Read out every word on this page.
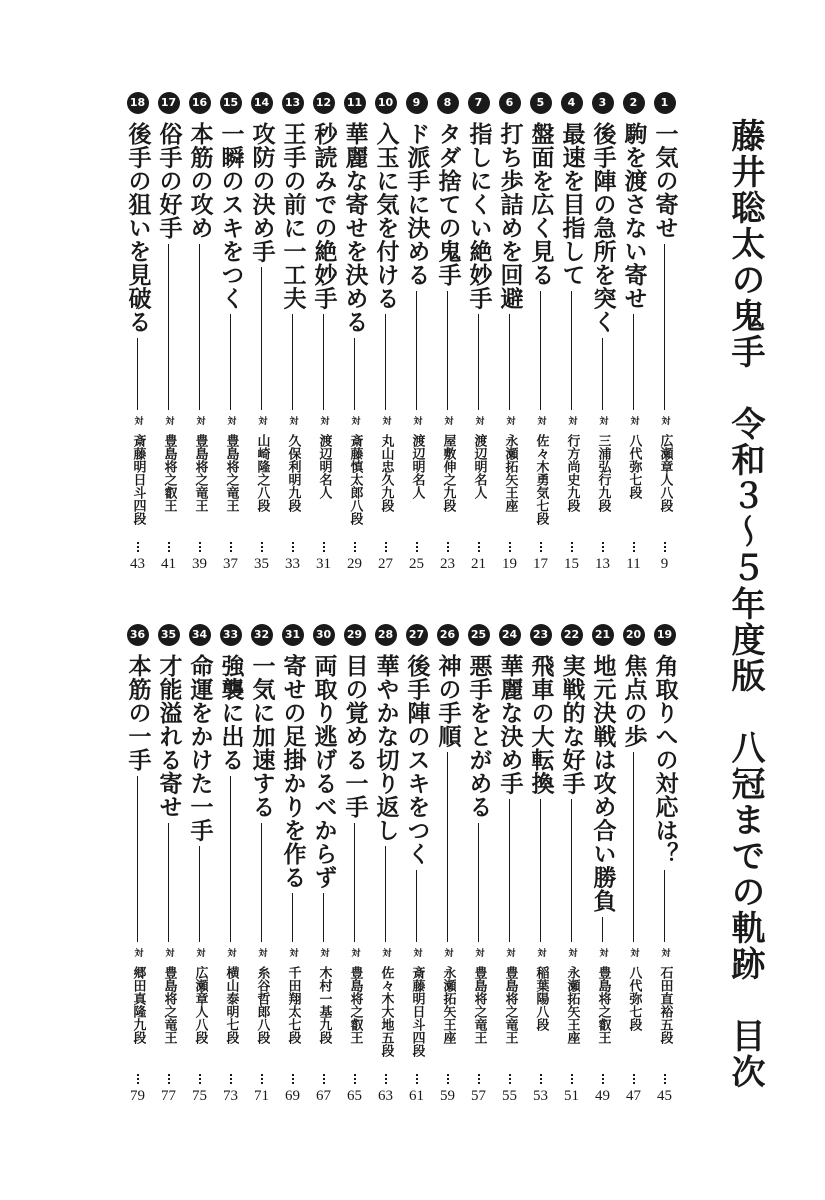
藤井聡太の鬼手　令和３〜５年度版　八冠までの軌跡　目次
1
一気の寄せ
対
広瀬章人八段
9
2
駒を渡さない寄せ
対
八代弥七段
11
3
後手陣の急所を突く
対
三浦弘行九段
13
4
最速を目指して
対
行方尚史九段
15
5
盤面を広く見る
対
佐々木勇気七段
17
6
打ち歩詰めを回避
対
永瀬拓矢王座
19
7
指しにくい絶妙手
対
渡辺明名人
21
8
タダ捨ての鬼手
対
屋敷伸之九段
23
9
ド派手に決める
対
渡辺明名人
25
10
入玉に気を付ける
対
丸山忠久九段
27
11
華麗な寄せを決める
対
斎藤慎太郎八段
29
12
秒読みでの絶妙手
対
渡辺明名人
31
13
王手の前に一工夫
対
久保利明九段
33
14
攻防の決め手
対
山崎隆之八段
35
15
一瞬のスキをつく
対
豊島将之竜王
37
16
本筋の攻め
対
豊島将之竜王
39
17
俗手の好手
対
豊島将之叡王
41
18
後手の狙いを見破る
対
斎藤明日斗四段
43
19
角取りへの対応は？
対
石田直裕五段
45
20
焦点の歩
対
八代弥七段
47
21
地元決戦は攻め合い勝負
対
豊島将之叡王
49
22
実戦的な好手
対
永瀬拓矢王座
51
23
飛車の大転換
対
稲葉陽八段
53
24
華麗な決め手
対
豊島将之竜王
55
25
悪手をとがめる
対
豊島将之竜王
57
26
神の手順
対
永瀬拓矢王座
59
27
後手陣のスキをつく
対
斎藤明日斗四段
61
28
華やかな切り返し
対
佐々木大地五段
63
29
目の覚める一手
対
豊島将之叡王
65
30
両取り逃げるべからず
対
木村一基九段
67
31
寄せの足掛かりを作る
対
千田翔太七段
69
32
一気に加速する
対
糸谷哲郎八段
71
33
強襲に出る
対
横山泰明七段
73
34
命運をかけた一手
対
広瀬章人八段
75
35
才能溢れる寄せ
対
豊島将之竜王
77
36
本筋の一手
対
郷田真隆九段
79
